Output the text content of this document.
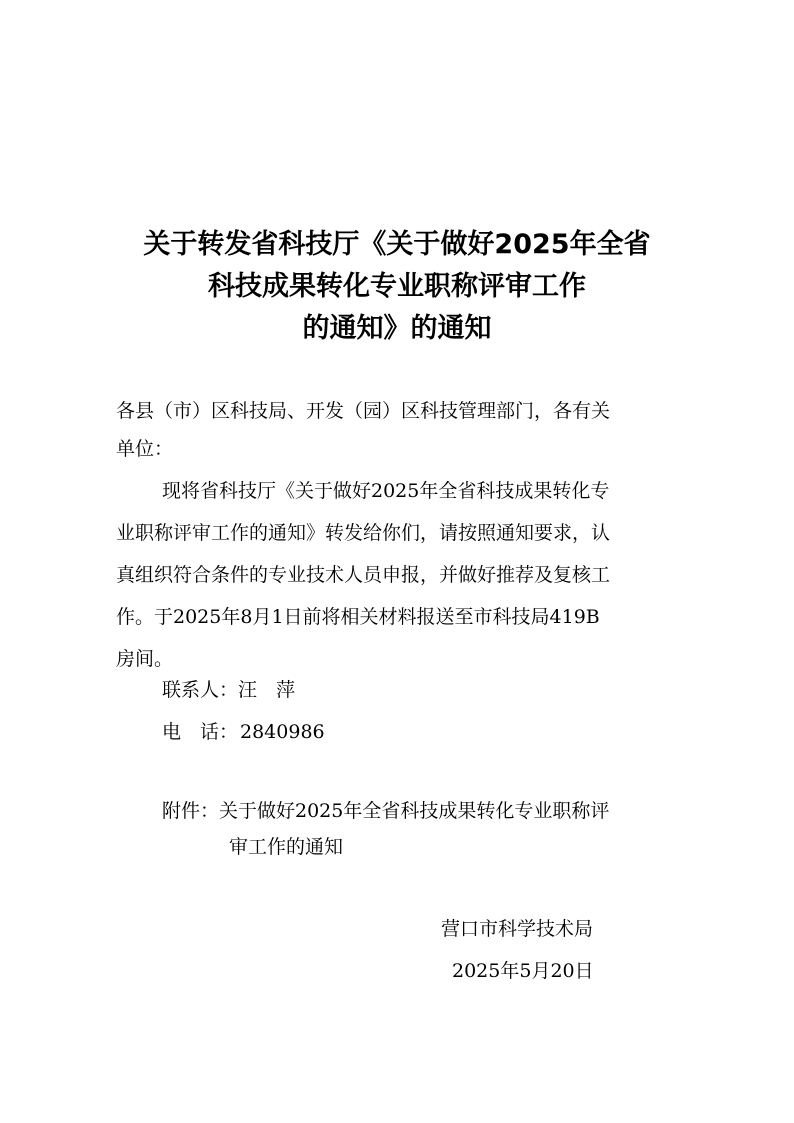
关于转发省科技厅《关于做好2025年全省
科技成果转化专业职称评审工作
的通知》的通知
各县（市）区科技局、开发（园）区科技管理部门，各有关
单位：
现将省科技厅《关于做好2025年全省科技成果转化专
业职称评审工作的通知》转发给你们，请按照通知要求，认
真组织符合条件的专业技术人员申报，并做好推荐及复核工
作。于2025年8月1日前将相关材料报送至市科技局419B
房间。
联系人：汪　萍
电　话： 2840986
附件：关于做好2025年全省科技成果转化专业职称评
审工作的通知
营口市科学技术局
2025年5月20日
